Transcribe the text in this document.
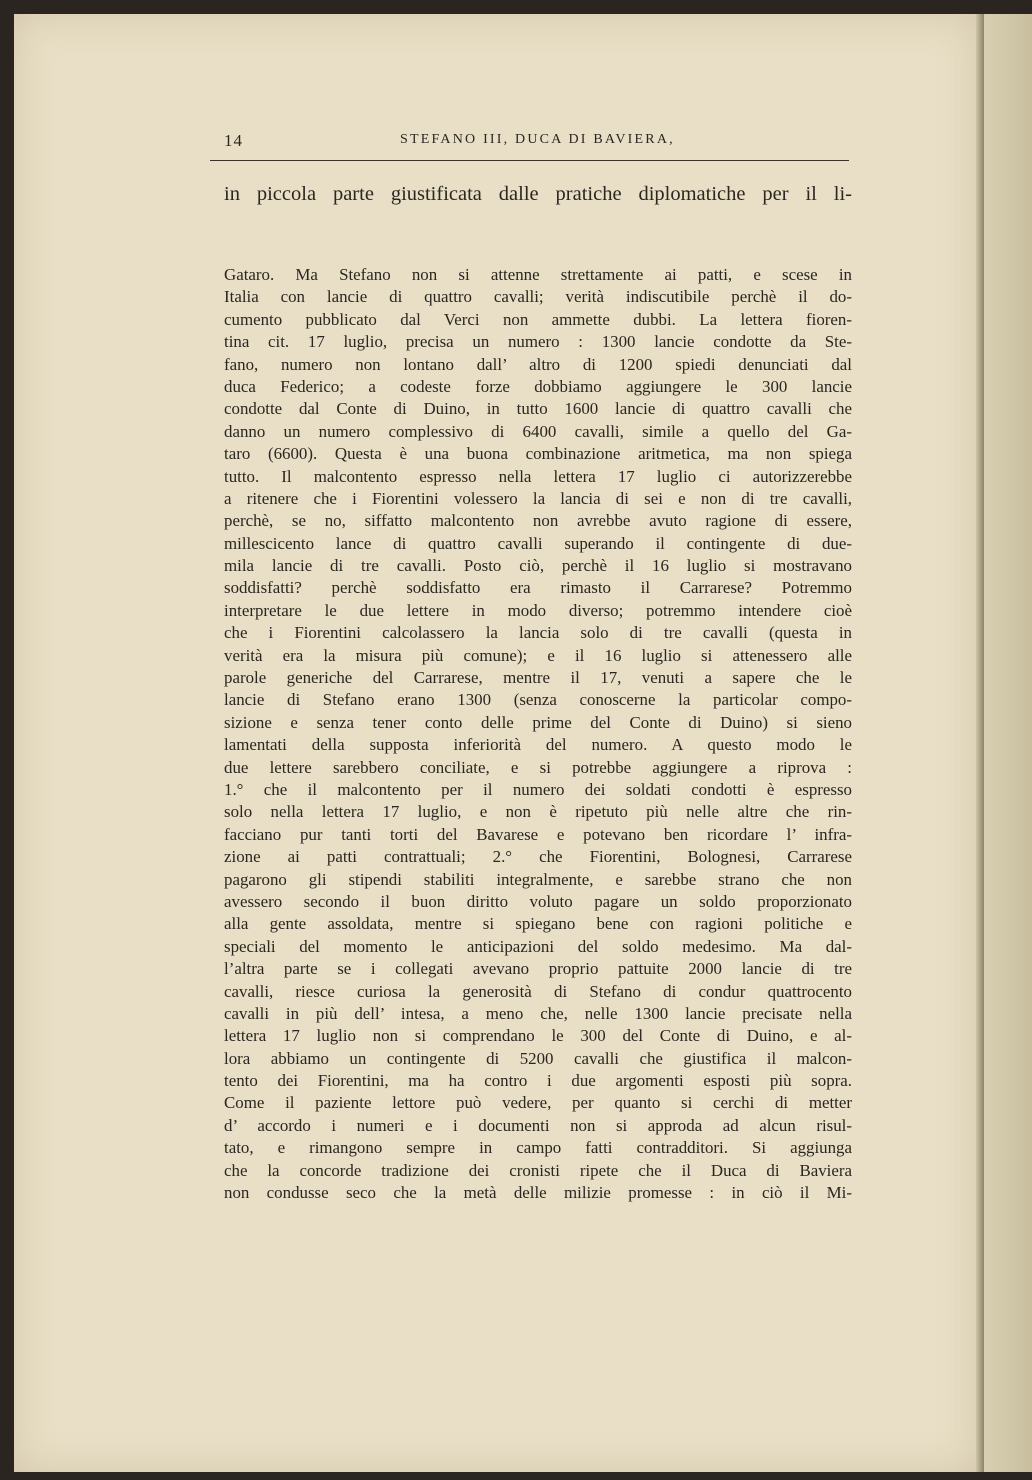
14	STEFANO III, DUCA DI BAVIERA,
in piccola parte giustificata dalle pratiche diplomatiche per il li-
Gataro. Ma Stefano non si attenne strettamente ai patti, e scese in
Italia con lancie di quattro cavalli; verità indiscutibile perchè il do-
cumento pubblicato dal Verci non ammette dubbi. La lettera fioren-
tina cit. 17 luglio, precisa un numero : 1300 lancie condotte da Ste-
fano, numero non lontano dall’ altro di 1200 spiedi denunciati dal
duca Federico; a codeste forze dobbiamo aggiungere le 300 lancie
condotte dal Conte di Duino, in tutto 1600 lancie di quattro cavalli che
danno un numero complessivo di 6400 cavalli, simile a quello del Ga-
taro (6600). Questa è una buona combinazione aritmetica, ma non spiega
tutto. Il malcontento espresso nella lettera 17 luglio ci autorizzerebbe
a ritenere che i Fiorentini volessero la lancia di sei e non di tre cavalli,
perchè, se no, siffatto malcontento non avrebbe avuto ragione di essere,
millescicento lance di quattro cavalli superando il contingente di due-
mila lancie di tre cavalli. Posto ciò, perchè il 16 luglio si mostravano
soddisfatti? perchè soddisfatto era rimasto il Carrarese? Potremmo
interpretare le due lettere in modo diverso; potremmo intendere cioè
che i Fiorentini calcolassero la lancia solo di tre cavalli (questa in
verità era la misura più comune); e il 16 luglio si attenessero alle
parole generiche del Carrarese, mentre il 17, venuti a sapere che le
lancie di Stefano erano 1300 (senza conoscerne la particolar compo-
sizione e senza tener conto delle prime del Conte di Duino) si sieno
lamentati della supposta inferiorità del numero. A questo modo le
due lettere sarebbero conciliate, e si potrebbe aggiungere a riprova :
1.° che il malcontento per il numero dei soldati condotti è espresso
solo nella lettera 17 luglio, e non è ripetuto più nelle altre che rin-
facciano pur tanti torti del Bavarese e potevano ben ricordare l’ infra-
zione ai patti contrattuali; 2.° che Fiorentini, Bolognesi, Carrarese
pagarono gli stipendi stabiliti integralmente, e sarebbe strano che non
avessero secondo il buon diritto voluto pagare un soldo proporzionato
alla gente assoldata, mentre si spiegano bene con ragioni politiche e
speciali del momento le anticipazioni del soldo medesimo. Ma dal-
l’altra parte se i collegati avevano proprio pattuite 2000 lancie di tre
cavalli, riesce curiosa la generosità di Stefano di condur quattrocento
cavalli in più dell’ intesa, a meno che, nelle 1300 lancie precisate nella
lettera 17 luglio non si comprendano le 300 del Conte di Duino, e al-
lora abbiamo un contingente di 5200 cavalli che giustifica il malcon-
tento dei Fiorentini, ma ha contro i due argomenti esposti più sopra.
Come il paziente lettore può vedere, per quanto si cerchi di metter
d’ accordo i numeri e i documenti non si approda ad alcun risul-
tato, e rimangono sempre in campo fatti contradditori. Si aggiunga
che la concorde tradizione dei cronisti ripete che il Duca di Baviera
non condusse seco che la metà delle milizie promesse : in ciò il Mi-
